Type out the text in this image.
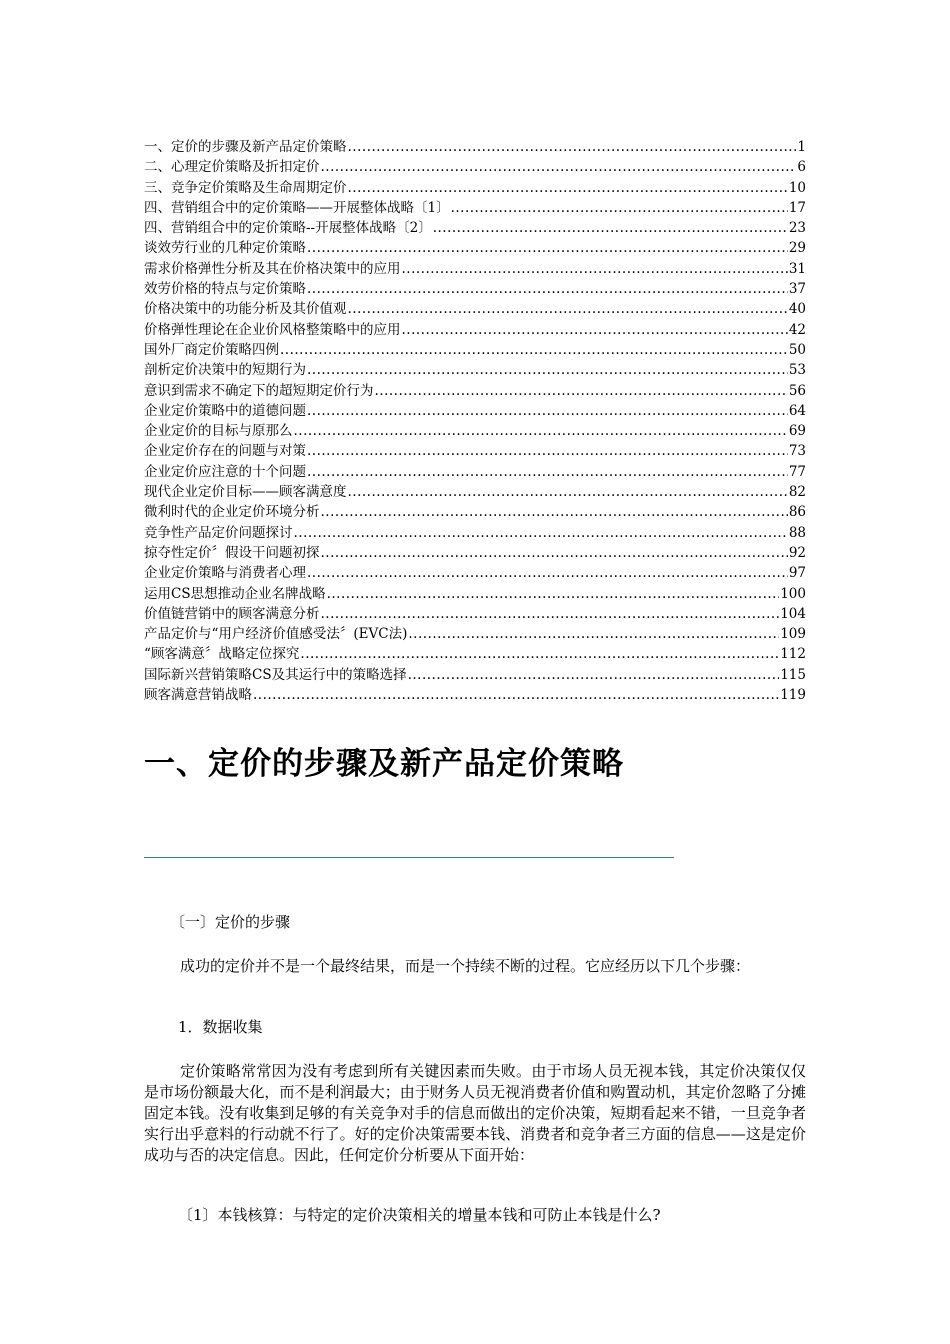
一、定价的步骤及新产品定价策略 .....	1
二、心理定价策略及折扣定价 .....	6
三、竞争定价策略及生命周期定价 .....	10
四、营销组合中的定价策略——开展整体战略〔1〕 .....	17
四、营销组合中的定价策略--开展整体战略〔2〕 .....	23
谈效劳行业的几种定价策略 .....	29
需求价格弹性分析及其在价格决策中的应用 .....	31
效劳价格的特点与定价策略 .....	37
价格决策中的功能分析及其价值观 .....	40
价格弹性理论在企业价风格整策略中的应用 .....	42
国外厂商定价策略四例 .....	50
剖析定价决策中的短期行为 .....	53
意识到需求不确定下的超短期定价行为 .....	56
企业定价策略中的道德问题 .....	64
企业定价的目标与原那么 .....	69
企业定价存在的问题与对策 .....	73
企业定价应注意的十个问题 .....	77
现代企业定价目标——顾客满意度 .....	82
微利时代的企业定价环境分析 .....	86
竞争性产品定价问题探讨 .....	88
掠夺性定价〞假设干问题初探 .....	92
企业定价策略与消费者心理 .....	97
运用CS思想推动企业名牌战略 .....	100
价值链营销中的顾客满意分析 .....	104
产品定价与“用户经济价值感受法〞(EVC法) .....	109
“顾客满意〞战略定位探究 .....	112
国际新兴营销策略CS及其运行中的策略选择 .....	115
顾客满意营销战略 .....	119
一、定价的步骤及新产品定价策略
〔一〕定价的步骤
成功的定价并不是一个最终结果，而是一个持续不断的过程。它应经历以下几个步骤：
1．数据收集
定价策略常常因为没有考虑到所有关键因素而失败。由于市场人员无视本钱，其定价决策仅仅是市场份额最大化，而不是利润最大；由于财务人员无视消费者价值和购置动机，其定价忽略了分摊固定本钱。没有收集到足够的有关竞争对手的信息而做出的定价决策，短期看起来不错，一旦竞争者实行出乎意料的行动就不行了。好的定价决策需要本钱、消费者和竞争者三方面的信息——这是定价成功与否的决定信息。因此，任何定价分析要从下面开始：
〔1〕本钱核算：与特定的定价决策相关的增量本钱和可防止本钱是什么?
